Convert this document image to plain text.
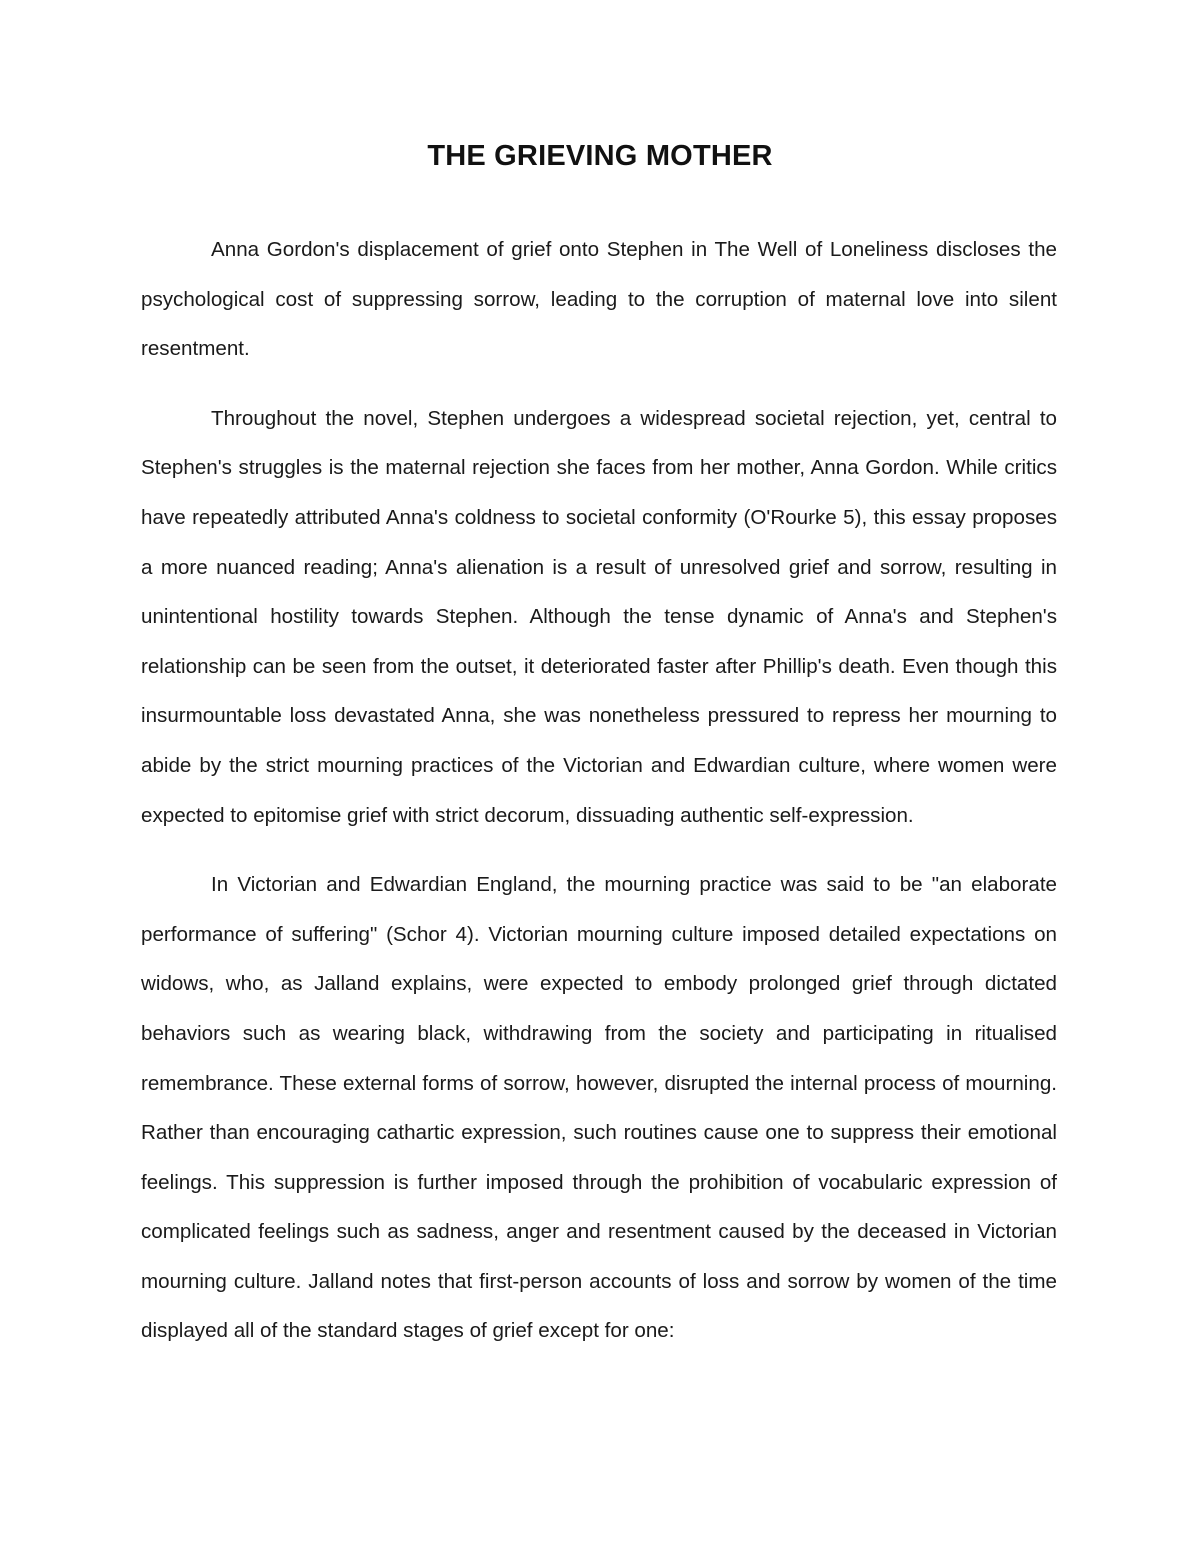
THE GRIEVING MOTHER

Anna Gordon's displacement of grief onto Stephen in The Well of Loneliness discloses the psychological cost of suppressing sorrow, leading to the corruption of maternal love into silent resentment.

Throughout the novel, Stephen undergoes a widespread societal rejection, yet, central to Stephen's struggles is the maternal rejection she faces from her mother, Anna Gordon. While critics have repeatedly attributed Anna's coldness to societal conformity (O'Rourke 5), this essay proposes a more nuanced reading; Anna's alienation is a result of unresolved grief and sorrow, resulting in unintentional hostility towards Stephen. Although the tense dynamic of Anna's and Stephen's relationship can be seen from the outset, it deteriorated faster after Phillip's death. Even though this insurmountable loss devastated Anna, she was nonetheless pressured to repress her mourning to abide by the strict mourning practices of the Victorian and Edwardian culture, where women were expected to epitomise grief with strict decorum, dissuading authentic self-expression.

In Victorian and Edwardian England, the mourning practice was said to be "an elaborate performance of suffering" (Schor 4). Victorian mourning culture imposed detailed expectations on widows, who, as Jalland explains, were expected to embody prolonged grief through dictated behaviors such as wearing black, withdrawing from the society and participating in ritualised remembrance. These external forms of sorrow, however, disrupted the internal process of mourning. Rather than encouraging cathartic expression, such routines cause one to suppress their emotional feelings. This suppression is further imposed through the prohibition of vocabularic expression of complicated feelings such as sadness, anger and resentment caused by the deceased in Victorian mourning culture. Jalland notes that first-person accounts of loss and sorrow by women of the time displayed all of the standard stages of grief except for one:
